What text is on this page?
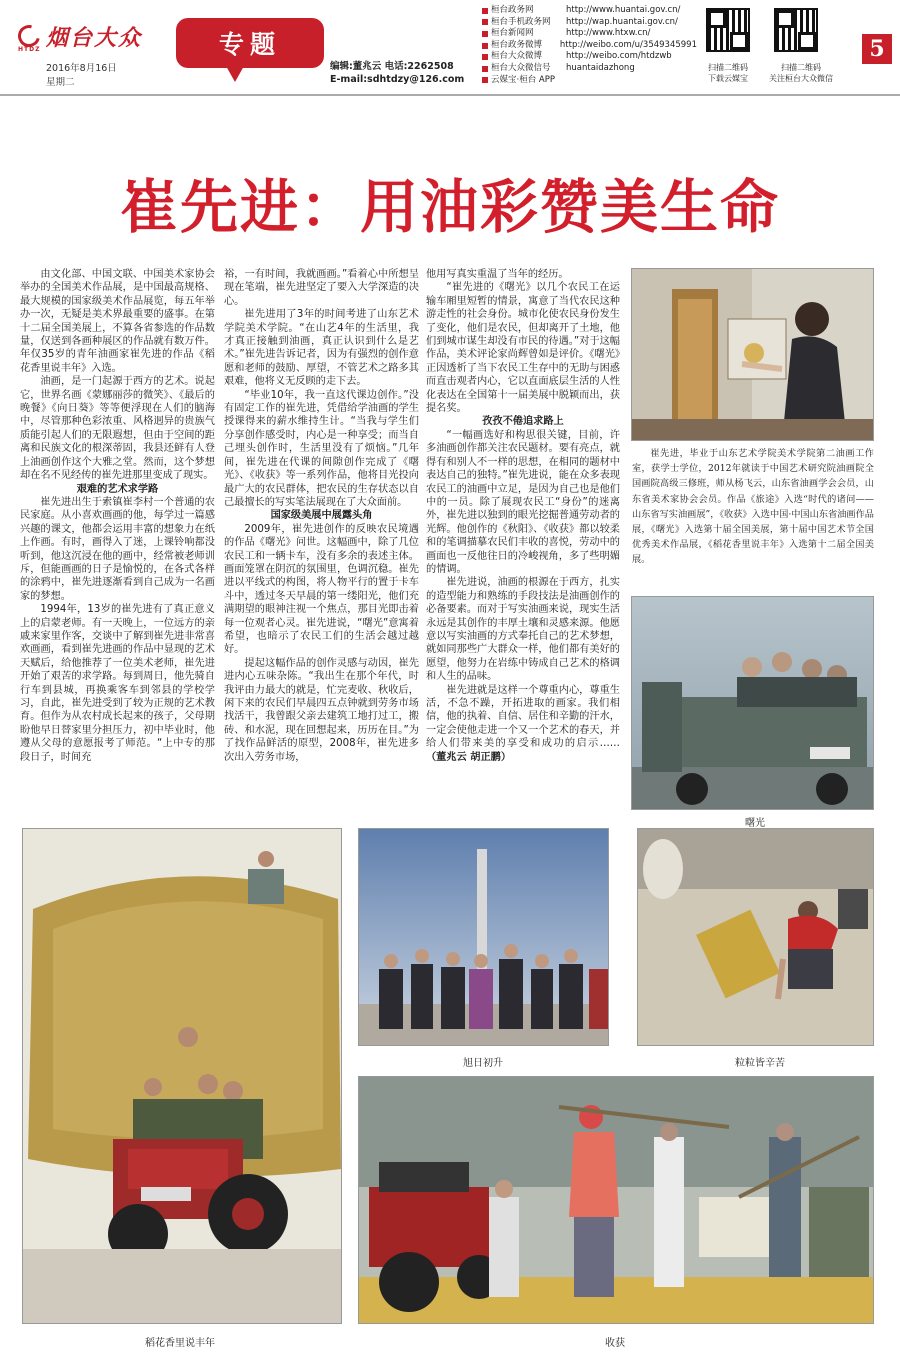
烟台大众
HTDZ
2016年8月16日
星期二
专题
编辑:董兆云 电话:2262508
E-mail:sdhtdzy@126.com
桓台政务网	http://www.huantai.gov.cn/
桓台手机政务网 http://wap.huantai.gov.cn/
桓台新闻网	http://www.htxw.cn/
桓台政务微博 http://weibo.com/u/3549345991
桓台大众微博	http://weibo.com/htdzwb
桓台大众微信号 huantaidazhong
云媒宝·桓台 APP
扫描二维码
下载云媒宝
扫描二维码
关注桓台大众微信
5
崔先进：用油彩赞美生命

由文化部、中国文联、中国美术家协会举办的全国美术作品展，是中国最高规格、最大规模的国家级美术作品展览，每五年举办一次，无疑是美术界最重要的盛事。在第十二届全国美展上，不算各省参选的作品数量，仅送到各画种展区的作品就有数万件。年仅35岁的青年油画家崔先进的作品《稻花香里说丰年》入选。

油画，是一门起源于西方的艺术。说起它，世界名画《蒙娜丽莎的微笑》、《最后的晚餐》《向日葵》等等便浮现在人们的脑海中，尽管那种色彩浓重、风格迥异的贵族气质能引起人们的无限遐想，但由于空间的距离和民族文化的根深蒂固，我县还鲜有人登上油画创作这个大雅之堂。然而，这个梦想却在名不见经传的崔先进那里变成了现实。

艰难的艺术求学路

崔先进出生于索镇崔李村一个普通的农民家庭。从小喜欢画画的他，每学过一篇感兴趣的课文，他都会运用丰富的想象力在纸上作画。有时，画得入了迷，上课铃响都没听到，他这沉浸在他的画中，经常被老师训斥，但能画画的日子是愉悦的，在各式各样的涂鸦中，崔先进逐渐看到自己成为一名画家的梦想。

1994年，13岁的崔先进有了真正意义上的启蒙老师。有一天晚上，一位远方的亲戚来家里作客，交谈中了解到崔先进非常喜欢画画，看到崔先进画的作品中显现的艺术天赋后，给他推荐了一位美术老师，崔先进开始了艰苦的求学路。每到周日，他先骑自行车到县城，再换乘客车到邻县的学校学习，自此，崔先进受到了较为正规的艺术教育。但作为从农村成长起来的孩子，父母期盼他早日替家里分担压力，初中毕业时，他遵从父母的意愿报考了师范。“上中专的那段日子，时间充

裕，一有时间，我就画画。”看着心中所想呈现在笔端，崔先进坚定了要入大学深造的决心。

崔先进用了3年的时间考进了山东艺术学院美术学院。“在山艺4年的生活里，我才真正接触到油画，真正认识到什么是艺术。”崔先进告诉记者，因为有强烈的创作意愿和老师的鼓励、厚望，不管艺术之路多其艰难，他将义无反顾的走下去。

“毕业10年，我一直这代课边创作。”没有固定工作的崔先进，凭借给学油画的学生授课得来的薪水维持生计。“当我与学生们分享创作感受时，内心是一种享受；而当自己埋头创作时，生活里没有了烦恼。”几年间，崔先进在代课的间隙创作完成了《曙光》、《收获》等一系列作品，他将目光投向最广大的农民群体，把农民的生存状态以自己最擅长的写实笔法展现在了大众面前。

国家级美展中展露头角

2009年，崔先进创作的反映农民境遇的作品《曙光》问世。这幅画中，除了几位农民工和一辆卡车，没有多余的表述主体。画面笼罩在阴沉的氛围里，色调沉稳。崔先进以平线式的构图，将人物平行的置于卡车斗中，透过冬天早晨的第一缕阳光，他们充满期望的眼神注视一个焦点，那目光即击着每一位观者心灵。崔先进说，“曙光”意寓着希望，也暗示了农民工们的生活会越过越好。

提起这幅作品的创作灵感与动因，崔先进内心五味杂陈。“我出生在那个年代，时我评由力最大的就是，忙完麦收、秋收后，闲下来的农民们早晨四五点钟就到劳务市场找活干，我曾跟父亲去建筑工地打过工，搬砖、和水泥，现在回想起来，历历在目。”为了找作品鲜活的原型，2008年，崔先进多次出入劳务市场，

他用写真实重温了当年的经历。

“崔先进的《曙光》以几个农民工在运输车厢里短暂的情景，寓意了当代农民这种游走性的社会身份。城市化使农民身份发生了变化，他们是农民，但却离开了土地，他们到城市谋生却没有市民的待遇。”对于这幅作品，美术评论家尚辉曾如是评价。《曙光》正因透析了当下农民工生存中的无助与困惑而直击观者内心，它以直面底层生活的人性化表达在全国第十一届美展中脱颖而出，获提名奖。

孜孜不倦追求路上

“一幅画选好和构思很关键，目前，许多油画创作都关注农民题材。要有亮点，就得有和别人不一样的思想，在相同的题材中表达自己的独特。”崔先进说，能在众多表现农民工的油画中立足，是因为自己也是他们中的一员。除了展现农民工“身份”的迷离外，崔先进以独到的眼光挖掘普通劳动者的光辉。他创作的《秋阳》、《收获》都以较柔和的笔调描摹农民们丰收的喜悦，劳动中的画面也一反他往日的冷峻视角，多了些明媚的情调。

崔先进说，油画的根源在于西方，扎实的造型能力和熟练的手段技法是油画创作的必备要素。而对于写实油画来说，现实生活永远是其创作的丰厚土壤和灵感来源。他愿意以写实油画的方式奉托自己的艺术梦想，就如同那些广大群众一样，他们都有美好的愿望，他努力在岩练中铸成自己艺术的格调和人生的品味。

崔先进就是这样一个尊重内心，尊重生活，不急不躁，开拓进取的画家。我们相信，他的执着、自信、居住和辛勤的汗水，一定会使他走进一个又一个艺术的春天，并给人们带来美的享受和成功的启示…… （董兆云 胡正鹏）

崔先进，毕业于山东艺术学院美术学院第二油画工作室，获学士学位，2012年就读于中国艺术研究院油画院全国画院高级三修班，师从杨飞云，山东省油画学会会员，山东省美术家协会会员。作品《旅途》入选“时代的诸问——山东省写实油画展”，《收获》入选中国·中国山东省油画作品展，《曙光》入选第十届全国美展，第十届中国艺术节全国优秀美术作品展，《稻花香里说丰年》入选第十二届全国美展。
曙光
稻花香里说丰年
旭日初升	粒粒皆辛苦
收获
